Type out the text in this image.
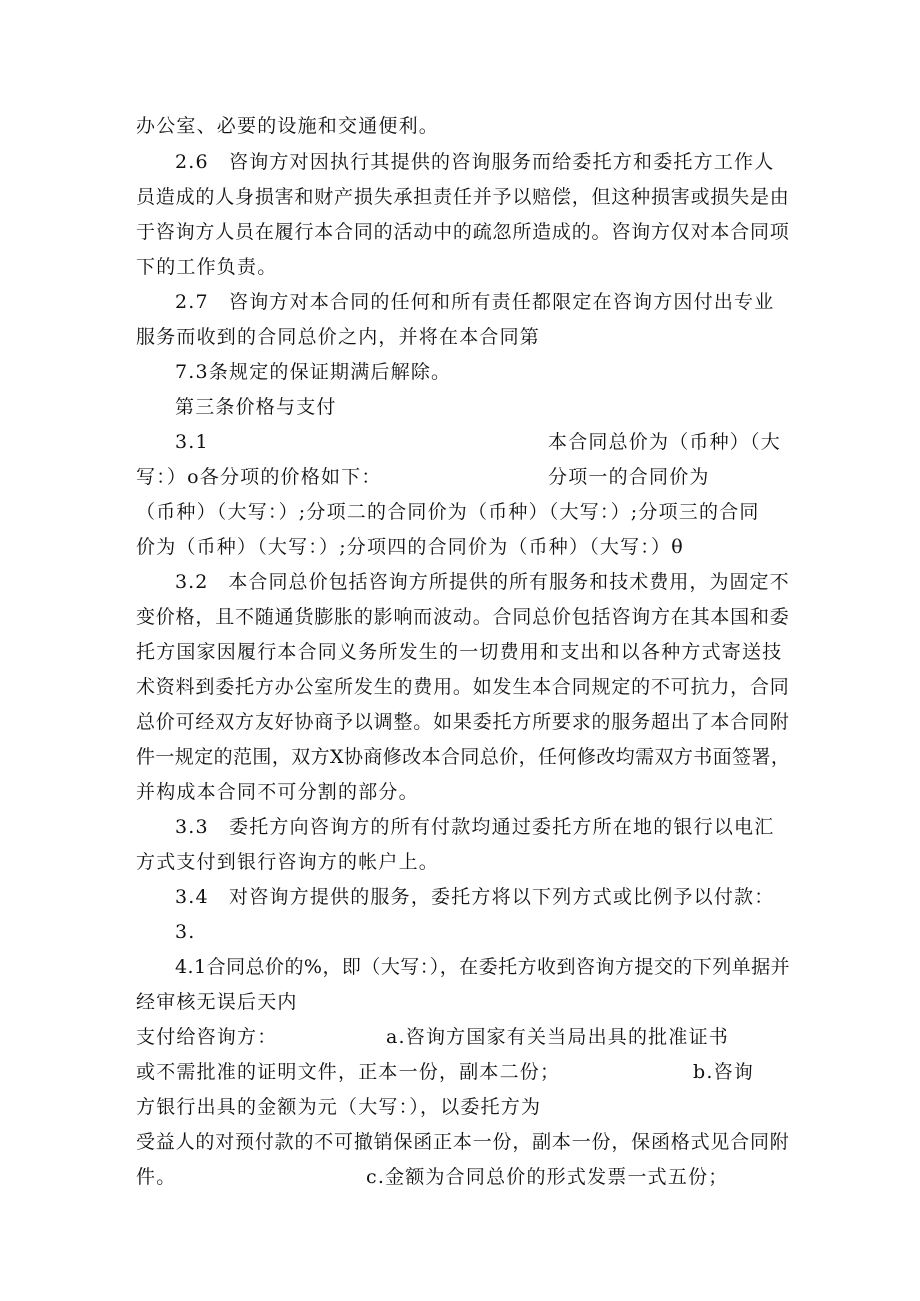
办公室、必要的设施和交通便利。
2.6　咨询方对因执行其提供的咨询服务而给委托方和委托方工作人
员造成的人身损害和财产损失承担责任并予以赔偿，但这种损害或损失是由
于咨询方人员在履行本合同的活动中的疏忽所造成的。咨询方仅对本合同项
下的工作负责。
2.7　咨询方对本合同的任何和所有责任都限定在咨询方因付出专业
服务而收到的合同总价之内，并将在本合同第
7.3条规定的保证期满后解除。
第三条价格与支付
3.1	本合同总价为（币种）（大
写：）o各分项的价格如下：	分项一的合同价为
（币种）（大写：）;分项二的合同价为（币种）（大写：）;分项三的合同
价为（币种）（大写：）;分项四的合同价为（币种）（大写：）θ
3.2　本合同总价包括咨询方所提供的所有服务和技术费用，为固定不
变价格，且不随通货膨胀的影响而波动。合同总价包括咨询方在其本国和委
托方国家因履行本合同义务所发生的一切费用和支出和以各种方式寄送技
术资料到委托方办公室所发生的费用。如发生本合同规定的不可抗力，合同
总价可经双方友好协商予以调整。如果委托方所要求的服务超出了本合同附
件一规定的范围，双方X协商修改本合同总价，任何修改均需双方书面签署，
并构成本合同不可分割的部分。
3.3　委托方向咨询方的所有付款均通过委托方所在地的银行以电汇
方式支付到银行咨询方的帐户上。
3.4　对咨询方提供的服务，委托方将以下列方式或比例予以付款：
3.
4.1合同总价的%，即（大写：），在委托方收到咨询方提交的下列单据并
经审核无误后天内
支付给咨询方：	a.咨询方国家有关当局出具的批准证书
或不需批准的证明文件，正本一份，副本二份；	b.咨询
方银行出具的金额为元（大写：），以委托方为
受益人的对预付款的不可撤销保函正本一份，副本一份，保函格式见合同附
件。	c.金额为合同总价的形式发票一式五份；
